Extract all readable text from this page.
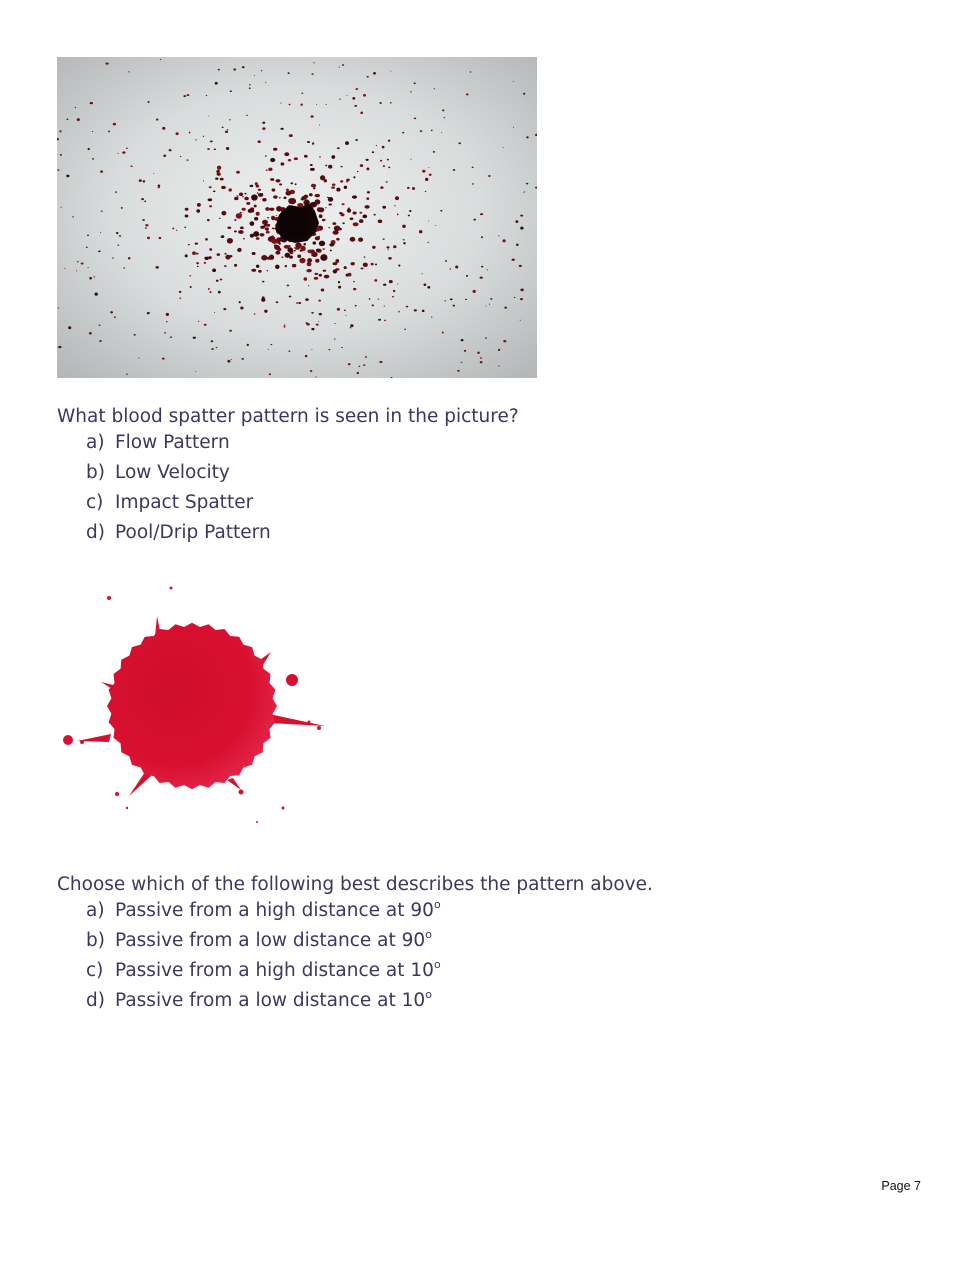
What blood spatter pattern is seen in the picture?
a) Flow Pattern
b) Low Velocity
c) Impact Spatter
d) Pool/Drip Pattern
Choose which of the following best describes the pattern above.
a) Passive from a high distance at 90$^o$
b) Passive from a low distance at 90$^o$
c) Passive from a high distance at 10$^o$
d) Passive from a low distance at 10$^o$
Page 7
